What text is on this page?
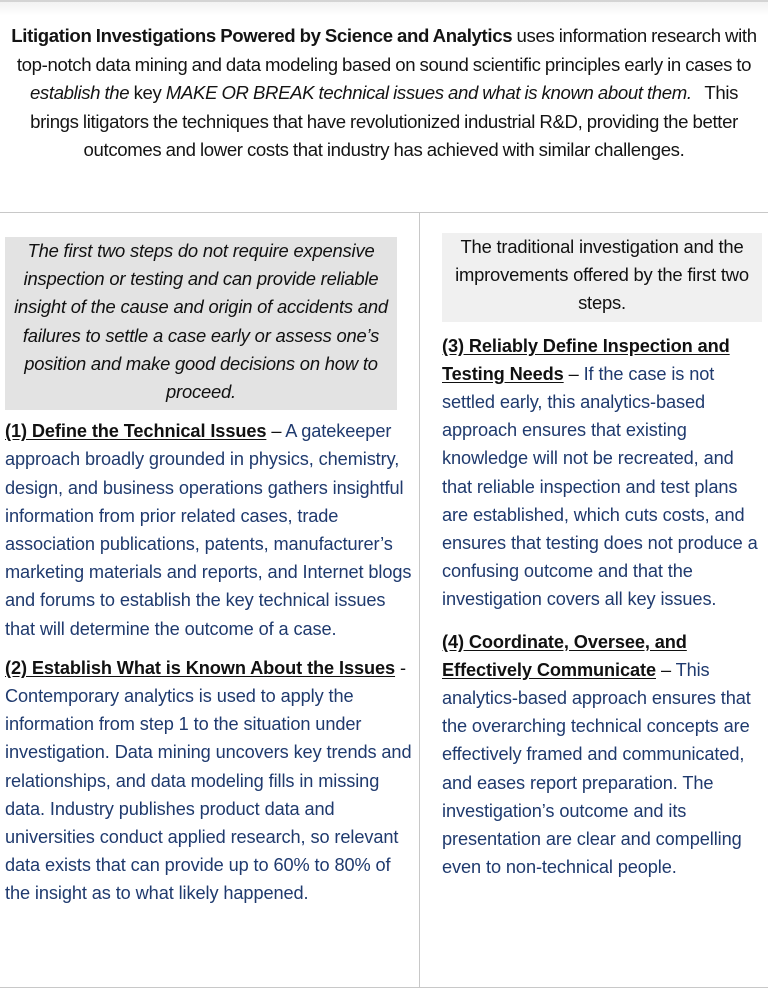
Litigation Investigations Powered by Science and Analytics uses information research with top-notch data mining and data modeling based on sound scientific principles early in cases to establish the key MAKE OR BREAK technical issues and what is known about them.   This brings litigators the techniques that have revolutionized industrial R&D, providing the better outcomes and lower costs that industry has achieved with similar challenges.

The first two steps do not require expensive inspection or testing and can provide reliable insight of the cause and origin of accidents and failures to settle a case early or assess one’s position and make good decisions on how to proceed.
(1) Define the Technical Issues – A gatekeeper approach broadly grounded in physics, chemistry, design, and business operations gathers insightful information from prior related cases, trade association publications, patents, manufacturer’s marketing materials and reports, and Internet blogs and forums to establish the key technical issues that will determine the outcome of a case.
(2) Establish What is Known About the Issues - Contemporary analytics is used to apply the information from step 1 to the situation under investigation. Data mining uncovers key trends and relationships, and data modeling fills in missing data. Industry publishes product data and universities conduct applied research, so relevant data exists that can provide up to 60% to 80% of the insight as to what likely happened.
The traditional investigation and the improvements offered by the first two steps.
(3) Reliably Define Inspection and Testing Needs – If the case is not settled early, this analytics-based approach ensures that existing knowledge will not be recreated, and that reliable inspection and test plans are established, which cuts costs, and ensures that testing does not produce a confusing outcome and that the investigation covers all key issues.
(4) Coordinate, Oversee, and Effectively Communicate – This analytics-based approach ensures that the overarching technical concepts are effectively framed and communicated, and eases report preparation. The investigation’s outcome and its presentation are clear and compelling even to non-technical people.
